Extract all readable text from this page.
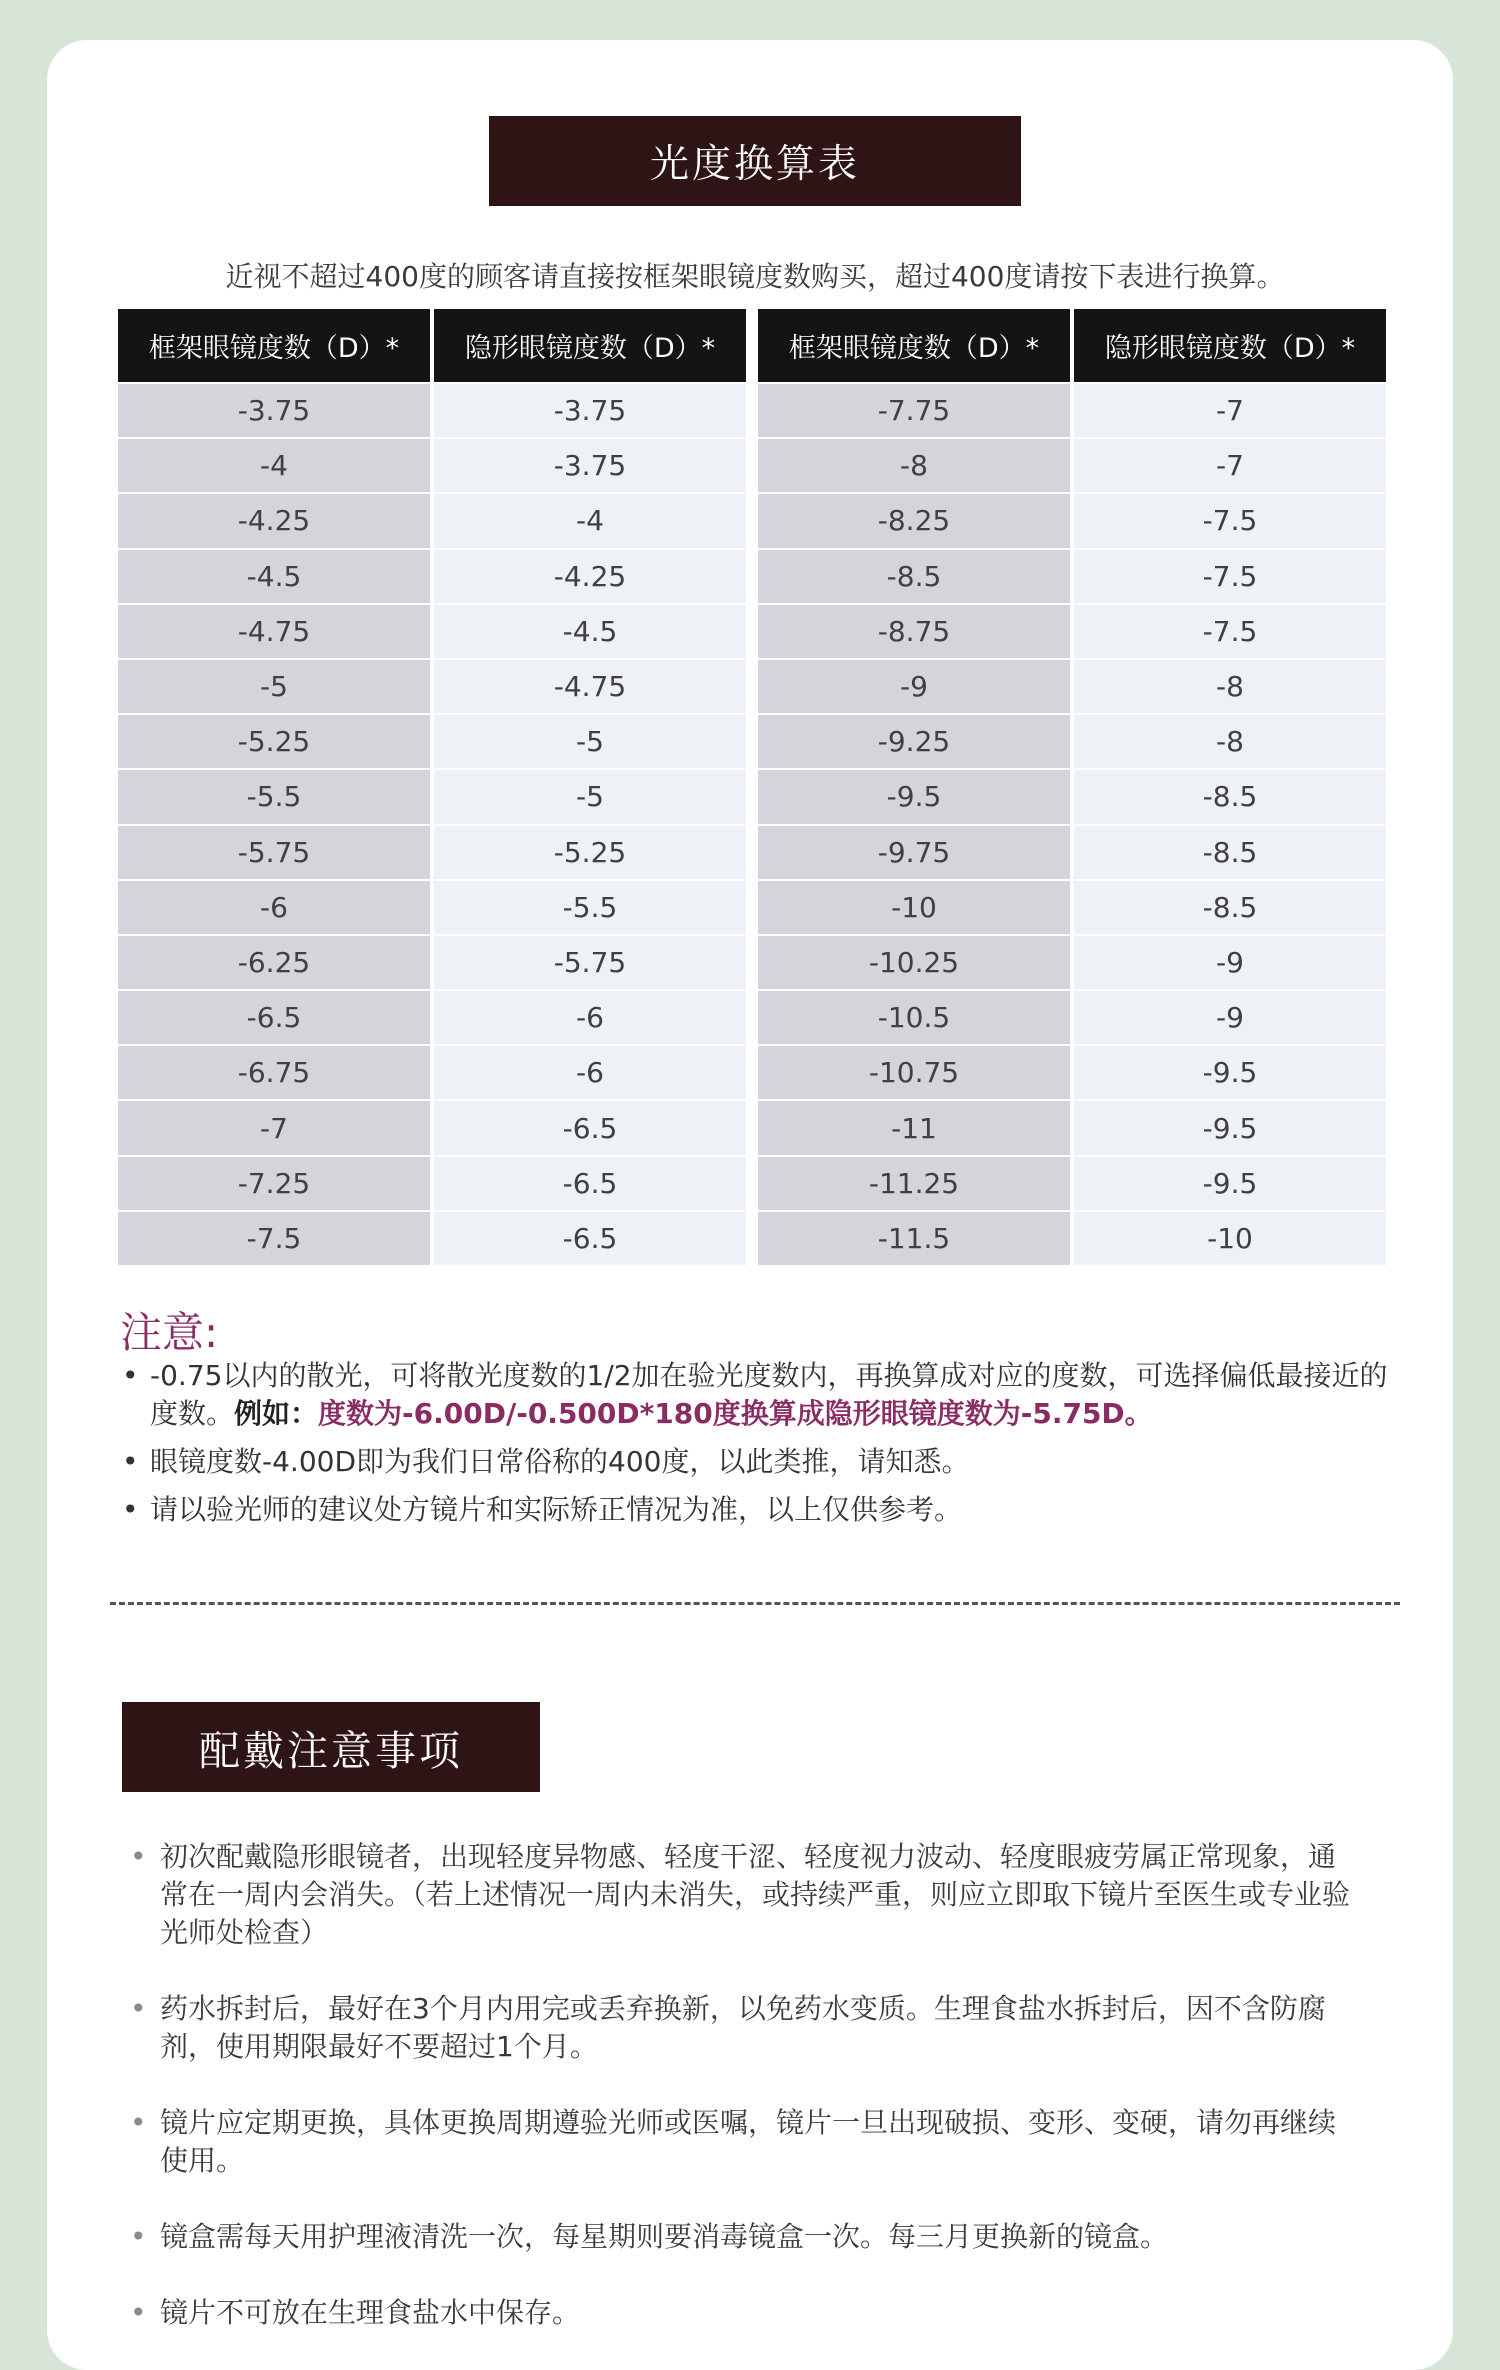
光度换算表
近视不超过400度的顾客请直接按框架眼镜度数购买，超过400度请按下表进行换算。
框架眼镜度数（D）*	隐形眼镜度数（D）*
-3.75	-3.75
-4	-3.75
-4.25	-4
-4.5	-4.25
-4.75	-4.5
-5	-4.75
-5.25	-5
-5.5	-5
-5.75	-5.25
-6	-5.5
-6.25	-5.75
-6.5	-6
-6.75	-6
-7	-6.5
-7.25	-6.5
-7.5	-6.5
框架眼镜度数（D）*	隐形眼镜度数（D）*
-7.75	-7
-8	-7
-8.25	-7.5
-8.5	-7.5
-8.75	-7.5
-9	-8
-9.25	-8
-9.5	-8.5
-9.75	-8.5
-10	-8.5
-10.25	-9
-10.5	-9
-10.75	-9.5
-11	-9.5
-11.25	-9.5
-11.5	-10
注意:
• -0.75以内的散光，可将散光度数的1/2加在验光度数内，再换算成对应的度数，可选择偏低最接近的度数。例如：度数为-6.00D/-0.500D*180度换算成隐形眼镜度数为-5.75D。
• 眼镜度数-4.00D即为我们日常俗称的400度，以此类推，请知悉。
• 请以验光师的建议处方镜片和实际矫正情况为准，以上仅供参考。
配戴注意事项
• 初次配戴隐形眼镜者，出现轻度异物感、轻度干涩、轻度视力波动、轻度眼疲劳属正常现象，通常在一周内会消失。（若上述情况一周内未消失，或持续严重，则应立即取下镜片至医生或专业验光师处检查）
• 药水拆封后，最好在3个月内用完或丢弃换新，以免药水变质。生理食盐水拆封后，因不含防腐剂，使用期限最好不要超过1个月。
• 镜片应定期更换，具体更换周期遵验光师或医嘱，镜片一旦出现破损、变形、变硬，请勿再继续使用。
• 镜盒需每天用护理液清洗一次，每星期则要消毒镜盒一次。每三月更换新的镜盒。
• 镜片不可放在生理食盐水中保存。
